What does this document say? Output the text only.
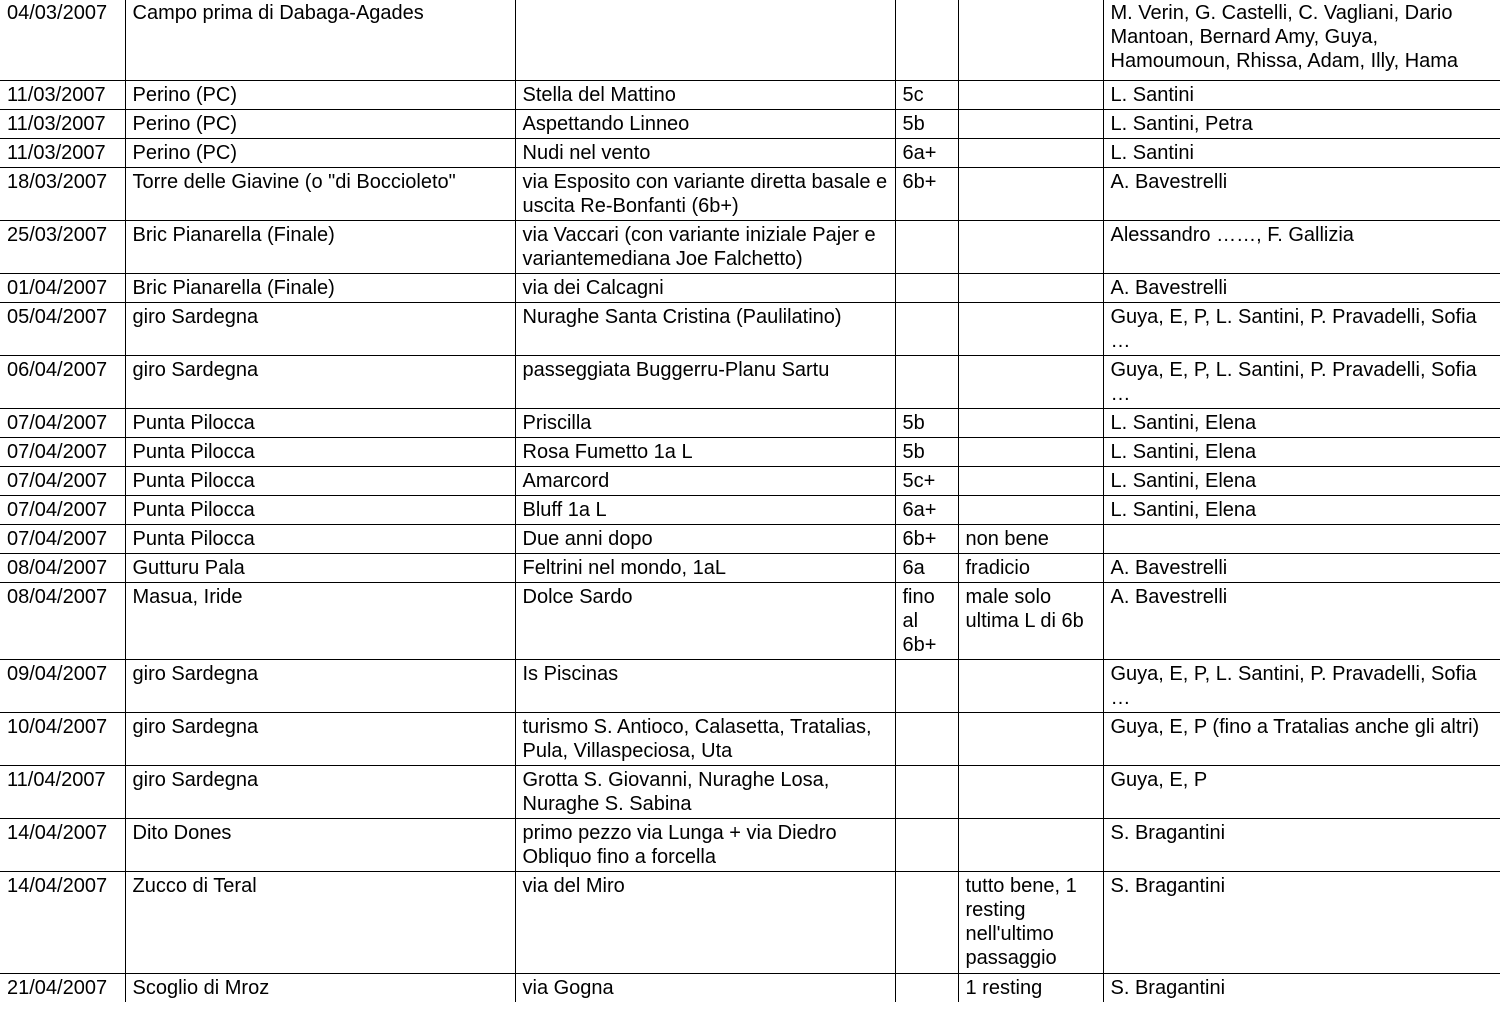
04/03/2007	Campo prima di Dabaga-Agades				M. Verin, G. Castelli, C. Vagliani, Dario Mantoan, Bernard Amy, Guya, Hamoumoun, Rhissa, Adam, Illy, Hama
11/03/2007	Perino (PC)	Stella del Mattino	5c		L. Santini
11/03/2007	Perino (PC)	Aspettando Linneo	5b		L. Santini, Petra
11/03/2007	Perino (PC)	Nudi nel vento	6a+		L. Santini
18/03/2007	Torre delle Giavine (o "di Boccioleto"	via Esposito con variante diretta basale e uscita Re-Bonfanti (6b+)	6b+		A. Bavestrelli
25/03/2007	Bric Pianarella (Finale)	via Vaccari (con variante iniziale Pajer e variantemediana Joe Falchetto)			Alessandro ……, F. Gallizia
01/04/2007	Bric Pianarella (Finale)	via dei Calcagni			A. Bavestrelli
05/04/2007	giro Sardegna	Nuraghe Santa Cristina (Paulilatino)			Guya, E, P, L. Santini, P. Pravadelli, Sofia …
06/04/2007	giro Sardegna	passeggiata Buggerru-Planu Sartu			Guya, E, P, L. Santini, P. Pravadelli, Sofia …
07/04/2007	Punta Pilocca	Priscilla	5b		L. Santini, Elena
07/04/2007	Punta Pilocca	Rosa Fumetto 1a L	5b		L. Santini, Elena
07/04/2007	Punta Pilocca	Amarcord	5c+		L. Santini, Elena
07/04/2007	Punta Pilocca	Bluff 1a L	6a+		L. Santini, Elena
07/04/2007	Punta Pilocca	Due anni dopo	6b+	non bene	
08/04/2007	Gutturu Pala	Feltrini nel mondo, 1aL	6a	fradicio	A. Bavestrelli
08/04/2007	Masua, Iride	Dolce Sardo	fino al 6b+	male solo ultima L di 6b	A. Bavestrelli
09/04/2007	giro Sardegna	Is Piscinas			Guya, E, P, L. Santini, P. Pravadelli, Sofia …
10/04/2007	giro Sardegna	turismo S. Antioco, Calasetta, Tratalias, Pula, Villaspeciosa, Uta			Guya, E, P (fino a Tratalias anche gli altri)
11/04/2007	giro Sardegna	Grotta S. Giovanni, Nuraghe Losa, Nuraghe S. Sabina			Guya, E, P
14/04/2007	Dito Dones	primo pezzo via Lunga + via Diedro Obliquo fino a forcella			S. Bragantini
14/04/2007	Zucco di Teral	via del Miro		tutto bene, 1 resting nell'ultimo passaggio	S. Bragantini
21/04/2007	Scoglio di Mroz	via Gogna		1 resting	S. Bragantini
